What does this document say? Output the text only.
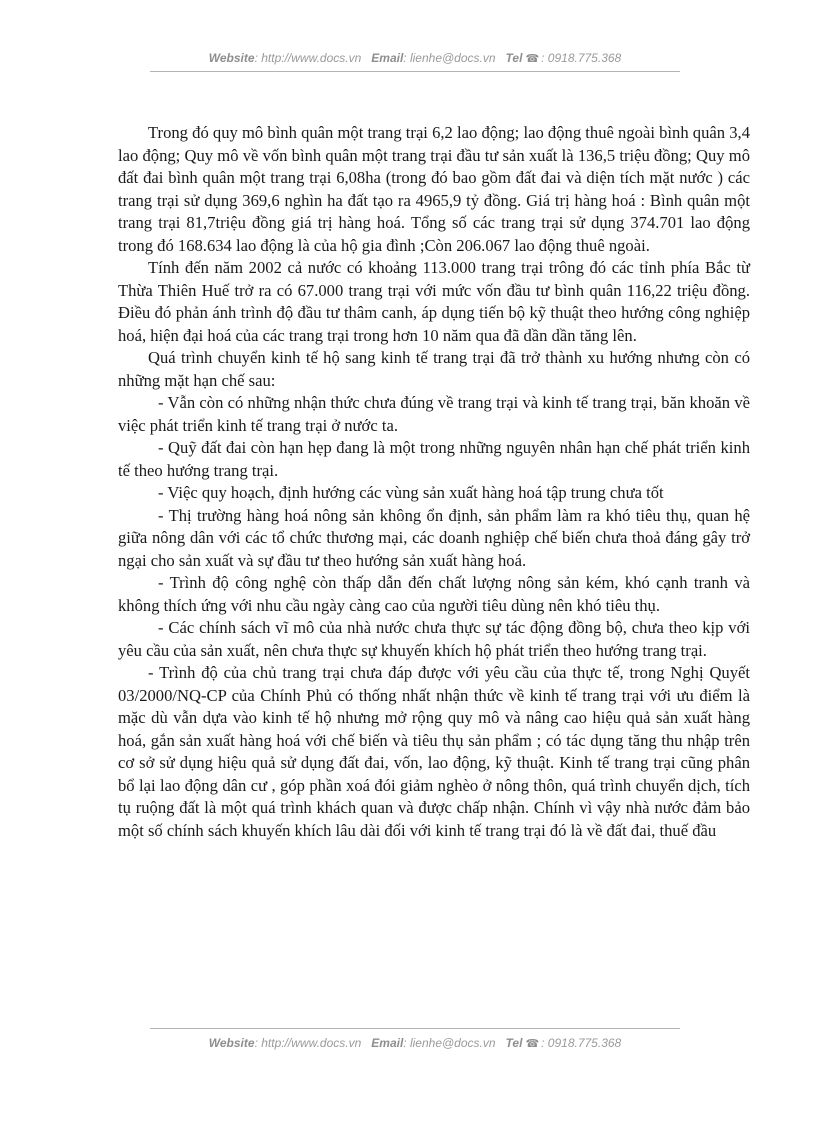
Website: http://www.docs.vn Email: lienhe@docs.vn Tel ☎ : 0918.775.368

Trong đó quy mô bình quân một trang trại 6,2 lao động; lao động thuê ngoài bình quân 3,4 lao động; Quy mô về vốn bình quân một trang trại đầu tư sản xuất là 136,5 triệu đồng; Quy mô đất đai bình quân một trang trại 6,08ha (trong đó bao gồm đất đai và diện tích mặt nước ) các trang trại sử dụng 369,6 nghìn ha đất tạo ra 4965,9 tỷ đồng. Giá trị hàng hoá : Bình quân một trang trại 81,7triệu đồng giá trị hàng hoá. Tổng số các trang trại sử dụng 374.701 lao động trong đó 168.634 lao động là của hộ gia đình ;Còn 206.067 lao động thuê ngoài.

Tính đến năm 2002 cả nước có khoảng 113.000 trang trại trông đó các tỉnh phía Bắc từ Thừa Thiên Huế trở ra có 67.000 trang trại với mức vốn đầu tư bình quân 116,22 triệu đồng. Điều đó phản ánh trình độ đầu tư thâm canh, áp dụng tiến bộ kỹ thuật theo hướng công nghiệp hoá, hiện đại hoá của các trang trại trong hơn 10 năm qua đã dần dần tăng lên.

Quá trình chuyển kinh tế hộ sang kinh tế trang trại đã trở thành xu hướng nhưng còn có những mặt hạn chế sau:

- Vẫn còn có những nhận thức chưa đúng về trang trại và kinh tế trang trại, băn khoăn về việc phát triển kinh tế trang trại ở nước ta.

- Quỹ đất đai còn hạn hẹp đang là một trong những nguyên nhân hạn chế phát triển kinh tế theo hướng trang trại.

- Việc quy hoạch, định hướng các vùng sản xuất hàng hoá tập trung chưa tốt

- Thị trường hàng hoá nông sản không ổn định, sản phẩm làm ra khó tiêu thụ, quan hệ giữa nông dân với các tổ chức thương mại, các doanh nghiệp chế biến chưa thoả đáng gây trở ngại cho sản xuất và sự đầu tư theo hướng sản xuất hàng hoá.

- Trình độ công nghệ còn thấp dẫn đến chất lượng nông sản kém, khó cạnh tranh và không thích ứng với nhu cầu ngày càng cao của người tiêu dùng nên khó tiêu thụ.

- Các chính sách vĩ mô của nhà nước chưa thực sự tác động đồng bộ, chưa theo kịp với yêu cầu của sản xuất, nên chưa thực sự khuyến khích hộ phát triển theo hướng trang trại.

- Trình độ của chủ trang trại chưa đáp được với yêu cầu của thực tế, trong Nghị Quyết 03/2000/NQ-CP của Chính Phủ có thống nhất nhận thức về kinh tế trang trại với ưu điểm là mặc dù vẫn dựa vào kinh tế hộ nhưng mở rộng quy mô và nâng cao hiệu quả sản xuất hàng hoá, gắn sản xuất hàng hoá với chế biến và tiêu thụ sản phẩm ; có tác dụng tăng thu nhập trên cơ sở sử dụng hiệu quả sử dụng đất đai, vốn, lao động, kỹ thuật. Kinh tế trang trại cũng phân bổ lại lao động dân cư , góp phần xoá đói giảm nghèo ở nông thôn, quá trình chuyển dịch, tích tụ ruộng đất là một quá trình khách quan và được chấp nhận. Chính vì vậy nhà nước đảm bảo một số chính sách khuyến khích lâu dài đối với kinh tế trang trại đó là về đất đai, thuế đầu

Website: http://www.docs.vn Email: lienhe@docs.vn Tel ☎ : 0918.775.368
